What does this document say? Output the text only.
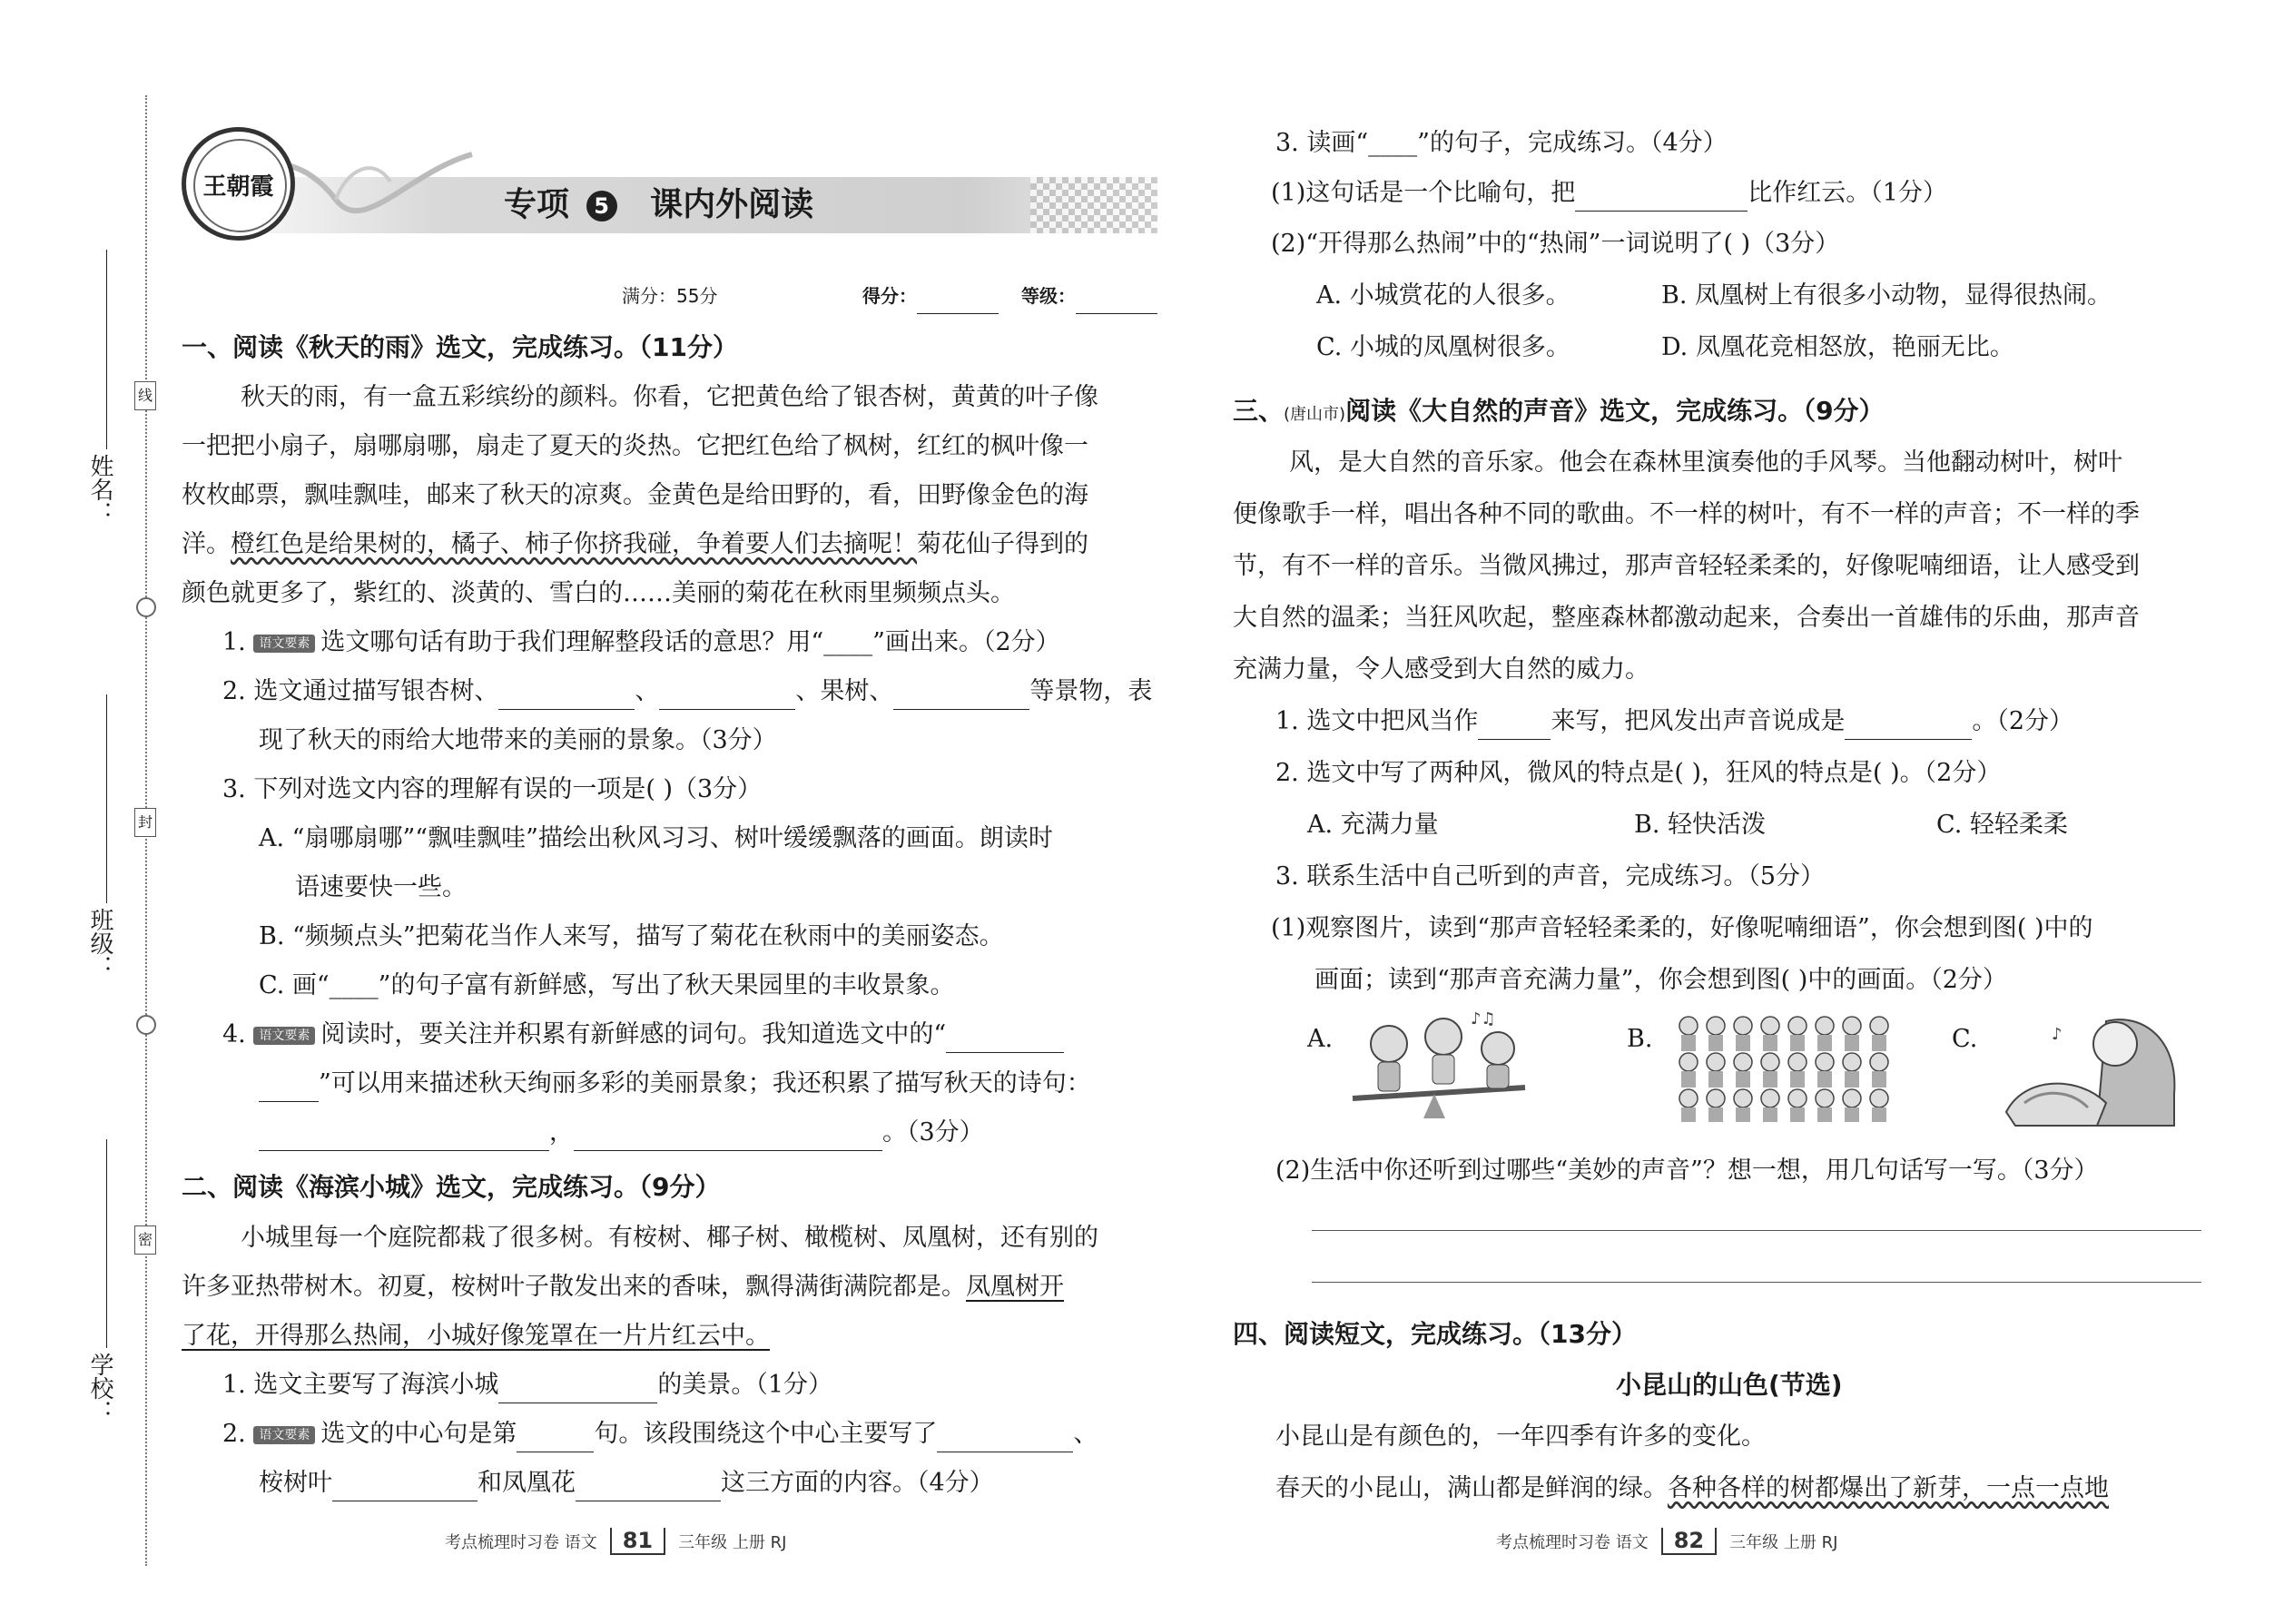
线
封
密
姓名：
班级：
学校：
王朝霞	专项 5 课内外阅读
满分：55分	得分：	等级：
一、阅读《秋天的雨》选文，完成练习。（11分）
秋天的雨，有一盒五彩缤纷的颜料。你看，它把黄色给了银杏树，黄黄的叶子像
一把把小扇子，扇哪扇哪，扇走了夏天的炎热。它把红色给了枫树，红红的枫叶像一
枚枚邮票，飘哇飘哇，邮来了秋天的凉爽。金黄色是给田野的，看，田野像金色的海
洋。橙红色是给果树的，橘子、柿子你挤我碰，争着要人们去摘呢！菊花仙子得到的
颜色就更多了，紫红的、淡黄的、雪白的……美丽的菊花在秋雨里频频点头。
1. 语文要素 选文哪句话有助于我们理解整段话的意思？用“____”画出来。（2分）
2. 选文通过描写银杏树、	、	、果树、	等景物，表
现了秋天的雨给大地带来的美丽的景象。（3分）
3. 下列对选文内容的理解有误的一项是( )（3分）
A. “扇哪扇哪”“飘哇飘哇”描绘出秋风习习、树叶缓缓飘落的画面。朗读时
语速要快一些。
B. “频频点头”把菊花当作人来写，描写了菊花在秋雨中的美丽姿态。
C. 画“____”的句子富有新鲜感，写出了秋天果园里的丰收景象。
4. 语文要素 阅读时，要关注并积累有新鲜感的词句。我知道选文中的“
”可以用来描述秋天绚丽多彩的美丽景象；我还积累了描写秋天的诗句：
，	。（3分）
二、阅读《海滨小城》选文，完成练习。（9分）
小城里每一个庭院都栽了很多树。有桉树、椰子树、橄榄树、凤凰树，还有别的
许多亚热带树木。初夏，桉树叶子散发出来的香味，飘得满街满院都是。凤凰树开
了花，开得那么热闹，小城好像笼罩在一片片红云中。
1. 选文主要写了海滨小城	的美景。（1分）
2. 语文要素 选文的中心句是第	句。该段围绕这个中心主要写了	、
桉树叶	和凤凰花	这三方面的内容。（4分）
考点梳理时习卷 语文 81 三年级 上册 RJ
3. 读画“____”的句子，完成练习。（4分）
(1)这句话是一个比喻句，把	比作红云。（1分）
(2)“开得那么热闹”中的“热闹”一词说明了( )（3分）
A. 小城赏花的人很多。	B. 凤凰树上有很多小动物，显得很热闹。
C. 小城的凤凰树很多。	D. 凤凰花竞相怒放，艳丽无比。
三、(唐山市)阅读《大自然的声音》选文，完成练习。（9分）
风，是大自然的音乐家。他会在森林里演奏他的手风琴。当他翻动树叶，树叶
便像歌手一样，唱出各种不同的歌曲。不一样的树叶，有不一样的声音；不一样的季
节，有不一样的音乐。当微风拂过，那声音轻轻柔柔的，好像呢喃细语，让人感受到
大自然的温柔；当狂风吹起，整座森林都激动起来，合奏出一首雄伟的乐曲，那声音
充满力量，令人感受到大自然的威力。
1. 选文中把风当作	来写，把风发出声音说成是	。（2分）
2. 选文中写了两种风，微风的特点是( )，狂风的特点是( )。（2分）
A. 充满力量	B. 轻快活泼	C. 轻轻柔柔
3. 联系生活中自己听到的声音，完成练习。（5分）
(1)观察图片，读到“那声音轻轻柔柔的，好像呢喃细语”，你会想到图( )中的
画面；读到“那声音充满力量”，你会想到图( )中的画面。（2分）
A.
♪♫
B.	C.	♪
(2)生活中你还听到过哪些“美妙的声音”？想一想，用几句话写一写。（3分）
四、阅读短文，完成练习。（13分）
小昆山的山色(节选)
小昆山是有颜色的，一年四季有许多的变化。
春天的小昆山，满山都是鲜润的绿。各种各样的树都爆出了新芽，一点一点地
考点梳理时习卷 语文 82 三年级 上册 RJ
